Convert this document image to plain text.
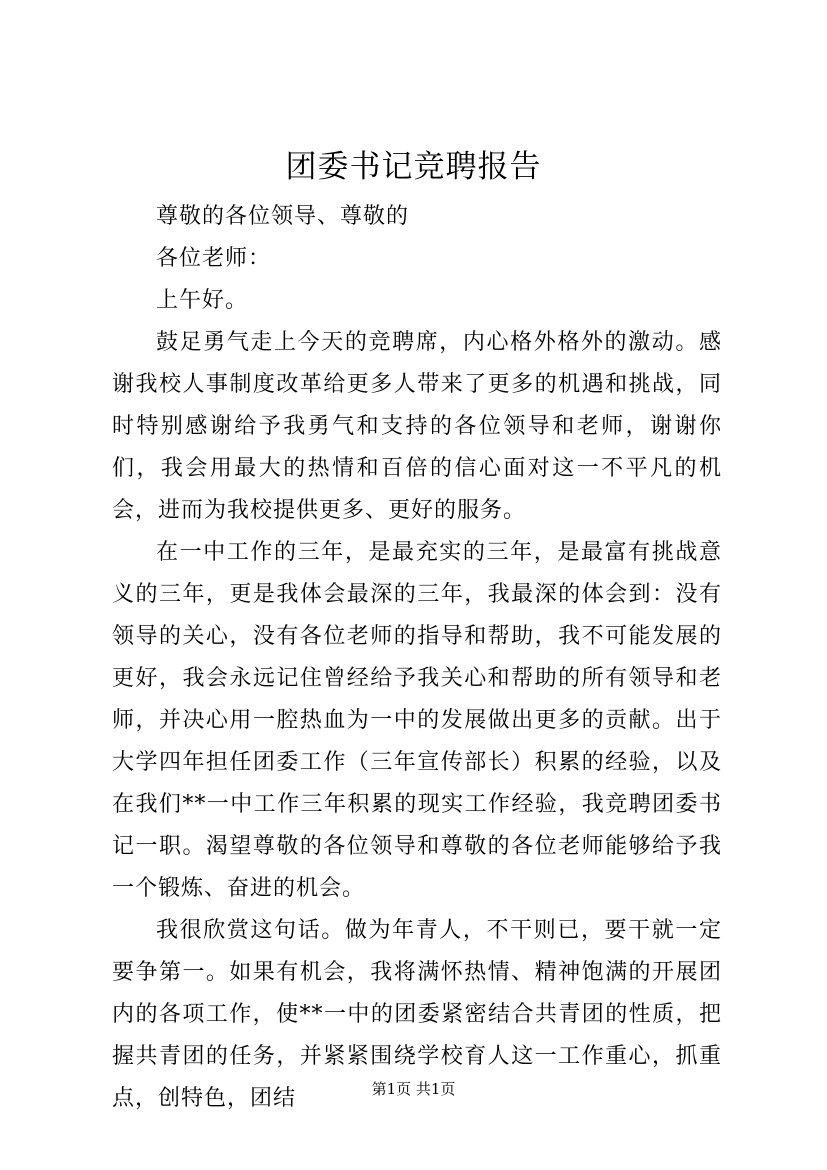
团委书记竞聘报告

尊敬的各位领导、尊敬的

各位老师：

上午好。

鼓足勇气走上今天的竞聘席，内心格外格外的激动。感谢我校人事制度改革给更多人带来了更多的机遇和挑战，同时特别感谢给予我勇气和支持的各位领导和老师，谢谢你们，我会用最大的热情和百倍的信心面对这一不平凡的机会，进而为我校提供更多、更好的服务。

在一中工作的三年，是最充实的三年，是最富有挑战意义的三年，更是我体会最深的三年，我最深的体会到：没有领导的关心，没有各位老师的指导和帮助，我不可能发展的更好，我会永远记住曾经给予我关心和帮助的所有领导和老师，并决心用一腔热血为一中的发展做出更多的贡献。出于大学四年担任团委工作（三年宣传部长）积累的经验，以及在我们**一中工作三年积累的现实工作经验，我竞聘团委书记一职。渴望尊敬的各位领导和尊敬的各位老师能够给予我一个锻炼、奋进的机会。

我很欣赏这句话。做为年青人，不干则已，要干就一定要争第一。如果有机会，我将满怀热情、精神饱满的开展团内的各项工作，使**一中的团委紧密结合共青团的性质，把握共青团的任务，并紧紧围绕学校育人这一工作重心，抓重点，创特色，团结	第1页 共1页
